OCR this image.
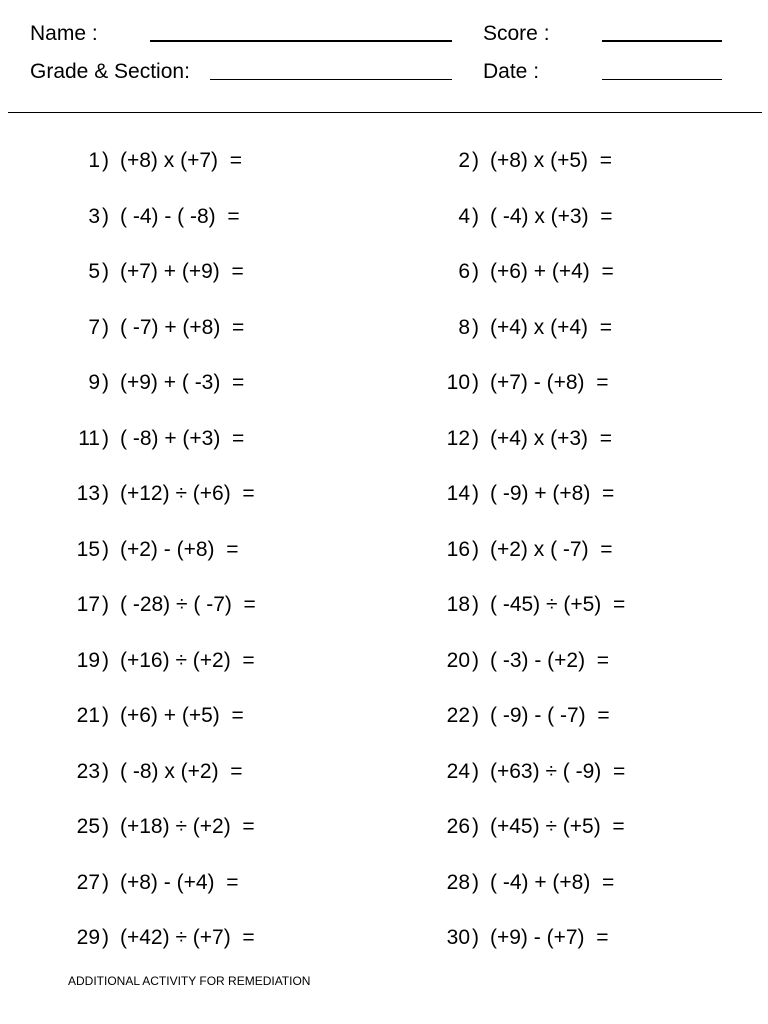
Name :	Score :
Grade & Section:	Date :
1 ) (+8) x (+7)  =	2 ) (+8) x (+5)  =
3 ) ( -4) - ( -8)  =	4 ) ( -4) x (+3)  =
5 ) (+7) + (+9)  =	6 ) (+6) + (+4)  =
7 ) ( -7) + (+8)  =	8 ) (+4) x (+4)  =
9 ) (+9) + ( -3)  =	10 ) (+7) - (+8)  =
11 ) ( -8) + (+3)  =	12 ) (+4) x (+3)  =
13 ) (+12) ÷ (+6)  =	14 ) ( -9) + (+8)  =
15 ) (+2) - (+8)  =	16 ) (+2) x ( -7)  =
17 ) ( -28) ÷ ( -7)  =	18 ) ( -45) ÷ (+5)  =
19 ) (+16) ÷ (+2)  =	20 ) ( -3) - (+2)  =
21 ) (+6) + (+5)  =	22 ) ( -9) - ( -7)  =
23 ) ( -8) x (+2)  =	24 ) (+63) ÷ ( -9)  =
25 ) (+18) ÷ (+2)  =	26 ) (+45) ÷ (+5)  =
27 ) (+8) - (+4)  =	28 ) ( -4) + (+8)  =
29 ) (+42) ÷ (+7)  =	30 ) (+9) - (+7)  =
ADDITIONAL ACTIVITY FOR REMEDIATION
